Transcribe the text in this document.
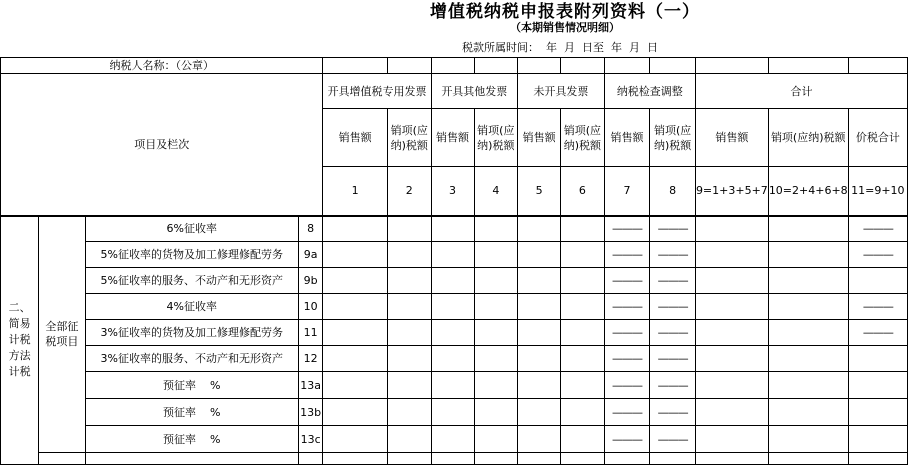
增值税纳税申报表附列资料（一）
（本期销售情况明细）
税款所属时间：  年  月  日至  年  月  日
纳税人名称：（公章）														
项目及栏次				开具增值税专用发票		开具其他发票		未开具发票		纳税检查调整		合计		
				销售额	销项(应纳)税额	销售额	销项(应纳)税额	销售额	销项(应纳)税额	销售额	销项(应纳)税额	销售额	销项(应纳)税额	价税合计
				1	2	3	4	5	6	7	8	9=1+3+5+7	10=2+4+6+8	11=9+10
二、简易计税方法计税	全部征税项目	6%征收率	8							———	———			———
		5%征收率的货物及加工修理修配劳务	9a							———	———			———
		5%征收率的服务、不动产和无形资产	9b							———	———			
		4%征收率	10							———	———			———
		3%征收率的货物及加工修理修配劳务	11							———	———			———
		3%征收率的服务、不动产和无形资产	12							———	———			
		预征率    %	13a							———	———			
		预征率    %	13b							———	———			
		预征率    %	13c							———	———			
